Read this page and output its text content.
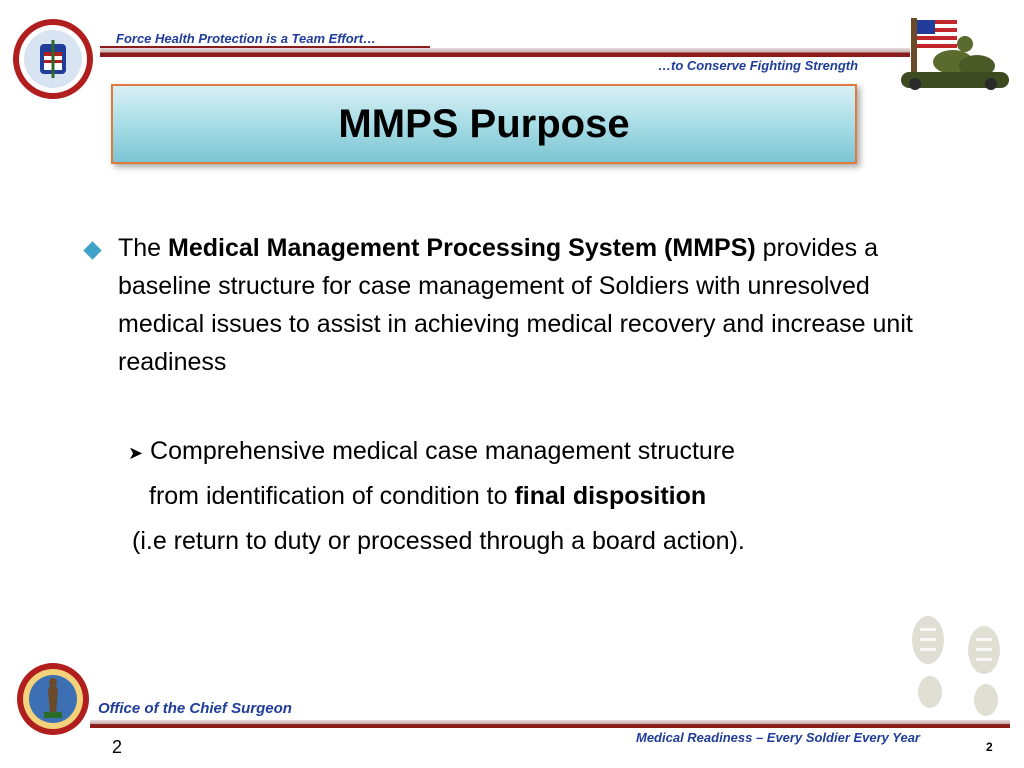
Force Health Protection is a Team Effort…
…to Conserve Fighting Strength
MMPS Purpose
The Medical Management Processing System (MMPS) provides a baseline structure for case management of Soldiers with unresolved medical issues to assist in achieving medical recovery and increase unit readiness
➤ Comprehensive medical case management structure
from identification of condition to final disposition
(i.e return to duty or processed through a board action).
Office of the Chief Surgeon
2	Medical Readiness – Every Soldier Every Year
2
